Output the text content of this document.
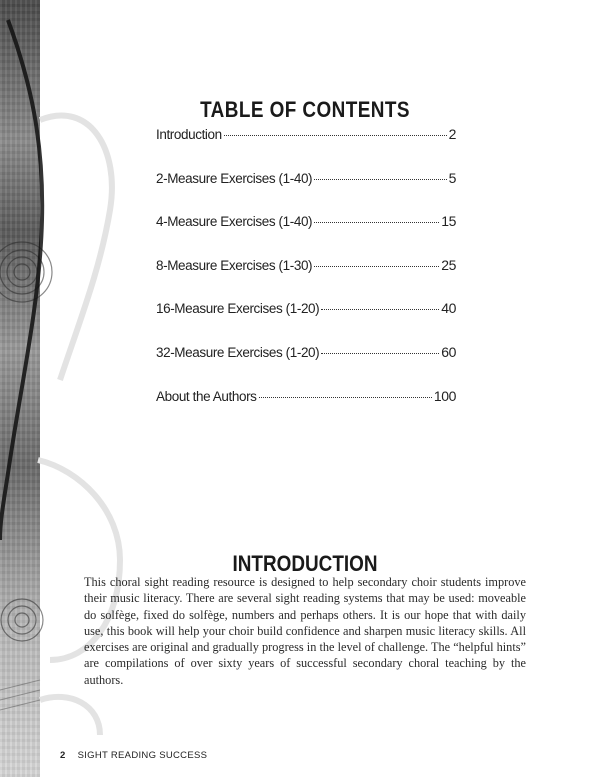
TABLE OF CONTENTS
Introduction	2
2-Measure Exercises (1-40)	5
4-Measure Exercises (1-40)	15
8-Measure Exercises (1-30)	25
16-Measure Exercises (1-20)	40
32-Measure Exercises (1-20)	60
About the Authors	100
INTRODUCTION

This choral sight reading resource is designed to help secondary choir students improve their music literacy. There are several sight reading systems that may be used: moveable do solfège, fixed do solfège, numbers and perhaps others. It is our hope that with daily use, this book will help your choir build confidence and sharpen music literacy skills. All exercises are original and gradually progress in the level of challenge. The “helpful hints” are compilations of over sixty years of successful secondary choral teaching by the authors.

2 SIGHT READING SUCCESS
